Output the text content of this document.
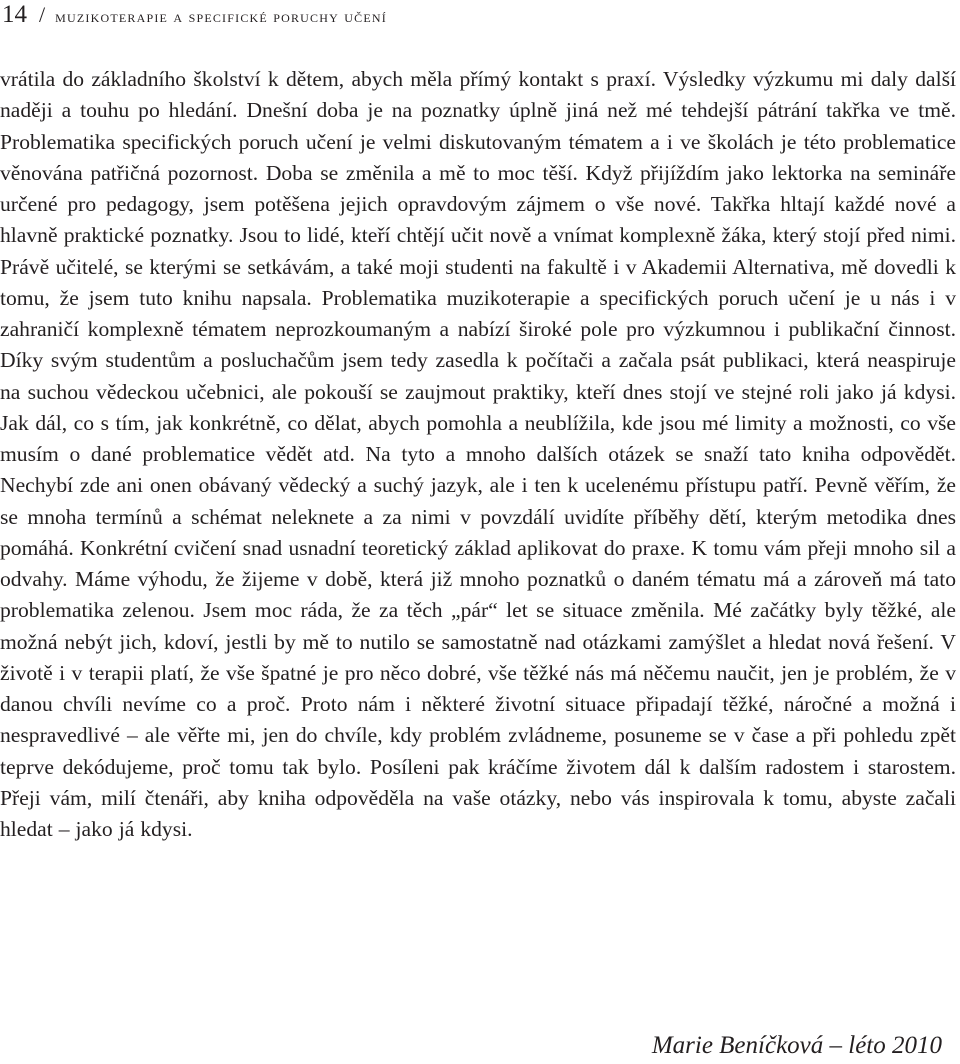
14 / muzikoterapie a specifické poruchy učení

vrátila do základního školství k dětem, abych měla přímý kontakt s praxí. Výsledky výzkumu mi daly další naději a touhu po hledání. Dnešní doba je na poznatky úplně jiná než mé tehdejší pátrání takřka ve tmě. Problematika specifických poruch učení je velmi diskutovaným tématem a i ve školách je této problematice věnována patřičná pozornost. Doba se změnila a mě to moc těší. Když přijíždím jako lektorka na semináře určené pro pedagogy, jsem potěšena jejich opravdovým zájmem o vše nové. Takřka hltají každé nové a hlavně praktické poznatky. Jsou to lidé, kteří chtějí učit nově a vnímat komplexně žáka, který stojí před nimi. Právě učitelé, se kterými se setkávám, a také moji studenti na fakultě i v Akademii Alternativa, mě dovedli k tomu, že jsem tuto knihu napsala. Problematika muzikoterapie a specifických poruch učení je u nás i v zahraničí komplexně tématem neprozkoumaným a nabízí široké pole pro výzkumnou i publikační činnost. Díky svým studentům a posluchačům jsem tedy zasedla k počítači a začala psát publikaci, která neaspiruje na suchou vědeckou učebnici, ale pokouší se zaujmout praktiky, kteří dnes stojí ve stejné roli jako já kdysi. Jak dál, co s tím, jak konkrétně, co dělat, abych pomohla a neublížila, kde jsou mé limity a možnosti, co vše musím o dané problematice vědět atd. Na tyto a mnoho dalších otázek se snaží tato kniha odpovědět. Nechybí zde ani onen obávaný vědecký a suchý jazyk, ale i ten k ucelenému přístupu patří. Pevně věřím, že se mnoha termínů a schémat neleknete a za nimi v povzdálí uvidíte příběhy dětí, kterým metodika dnes pomáhá. Konkrétní cvičení snad usnadní teoretický základ aplikovat do praxe. K tomu vám přeji mnoho sil a odvahy. Máme výhodu, že žijeme v době, která již mnoho poznatků o daném tématu má a zároveň má tato problematika zelenou. Jsem moc ráda, že za těch „pár“ let se situace změnila. Mé začátky byly těžké, ale možná nebýt jich, kdoví, jestli by mě to nutilo se samostatně nad otázkami zamýšlet a hledat nová řešení. V životě i v terapii platí, že vše špatné je pro něco dobré, vše těžké nás má něčemu naučit, jen je problém, že v danou chvíli nevíme co a proč. Proto nám i některé životní situace připadají těžké, náročné a možná i nespravedlivé – ale věřte mi, jen do chvíle, kdy problém zvládneme, posuneme se v čase a při pohledu zpět teprve dekódujeme, proč tomu tak bylo. Posíleni pak kráčíme životem dál k dalším radostem i starostem. Přeji vám, milí čtenáři, aby kniha odpověděla na vaše otázky, nebo vás inspirovala k tomu, abyste začali hledat – jako já kdysi.

Marie Beníčková – léto 2010
